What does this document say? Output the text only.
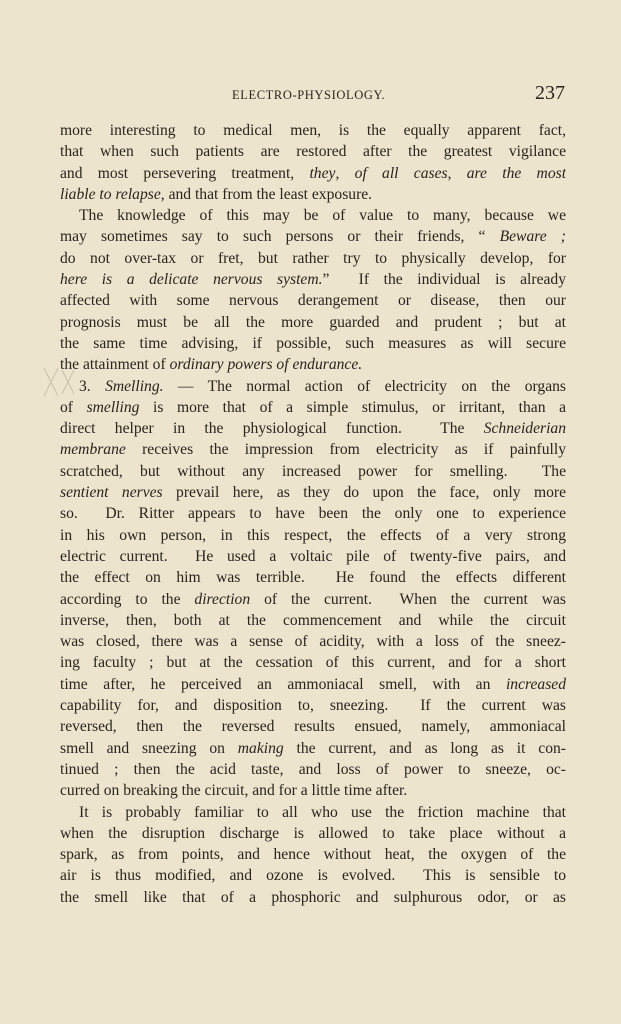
ELECTRO-PHYSIOLOGY.	237
more interesting to medical men, is the equally apparent fact,
that when such patients are restored after the greatest vigilance
and most persevering treatment, they, of all cases, are the most
liable to relapse, and that from the least exposure.
The knowledge of this may be of value to many, because we
may sometimes say to such persons or their friends, “ Beware ;
do not over-tax or fret, but rather try to physically develop, for
here is a delicate nervous system.”  If the individual is already
affected with some nervous derangement or disease, then our
prognosis must be all the more guarded and prudent ; but at
the same time advising, if possible, such measures as will secure
the attainment of ordinary powers of endurance.
3. Smelling. — The normal action of electricity on the organs
of smelling is more that of a simple stimulus, or irritant, than a
direct helper in the physiological function.  The Schneiderian
membrane receives the impression from electricity as if painfully
scratched, but without any increased power for smelling.  The
sentient nerves prevail here, as they do upon the face, only more
so.  Dr. Ritter appears to have been the only one to experience
in his own person, in this respect, the effects of a very strong
electric current.  He used a voltaic pile of twenty-five pairs, and
the effect on him was terrible.  He found the effects different
according to the direction of the current.  When the current was
inverse, then, both at the commencement and while the circuit
was closed, there was a sense of acidity, with a loss of the sneez-
ing faculty ; but at the cessation of this current, and for a short
time after, he perceived an ammoniacal smell, with an increased
capability for, and disposition to, sneezing.  If the current was
reversed, then the reversed results ensued, namely, ammoniacal
smell and sneezing on making the current, and as long as it con-
tinued ; then the acid taste, and loss of power to sneeze, oc-
curred on breaking the circuit, and for a little time after.
It is probably familiar to all who use the friction machine that
when the disruption discharge is allowed to take place without a
spark, as from points, and hence without heat, the oxygen of the
air is thus modified, and ozone is evolved.  This is sensible to
the smell like that of a phosphoric and sulphurous odor, or as
